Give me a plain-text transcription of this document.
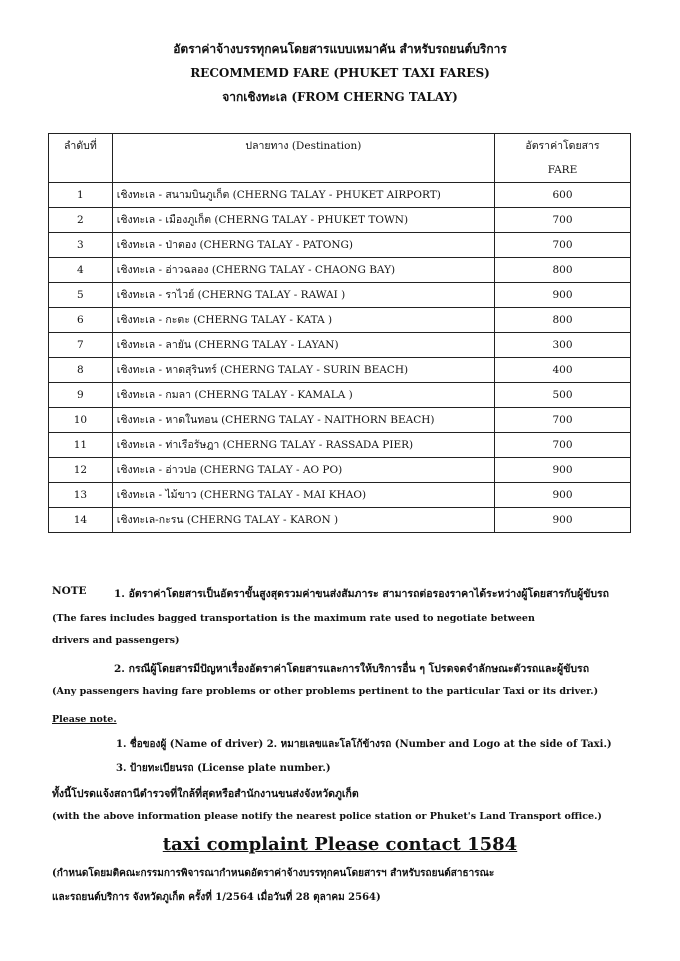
อัตราค่าจ้างบรรทุกคนโดยสารแบบเหมาคัน สำหรับรถยนต์บริการ
RECOMMEMD FARE (PHUKET TAXI FARES)
จากเชิงทะเล (FROM CHERNG TALAY)
ลำดับที่	ปลายทาง (Destination)	อัตราค่าโดยสาร
		FARE
1	เชิงทะเล - สนามบินภูเก็ต (CHERNG TALAY - PHUKET AIRPORT)	600
2	เชิงทะเล - เมืองภูเก็ต (CHERNG TALAY - PHUKET TOWN)	700
3	เชิงทะเล - ป่าตอง (CHERNG TALAY - PATONG)	700
4	เชิงทะเล - อ่าวฉลอง (CHERNG TALAY - CHAONG BAY)	800
5	เชิงทะเล - ราไวย์ (CHERNG TALAY - RAWAI )	900
6	เชิงทะเล - กะตะ (CHERNG TALAY - KATA )	800
7	เชิงทะเล - ลายัน (CHERNG TALAY - LAYAN)	300
8	เชิงทะเล - หาดสุรินทร์ (CHERNG TALAY - SURIN BEACH)	400
9	เชิงทะเล - กมลา (CHERNG TALAY - KAMALA )	500
10	เชิงทะเล - หาดในทอน (CHERNG TALAY - NAITHORN BEACH)	700
11	เชิงทะเล - ท่าเรือรัษฎา (CHERNG TALAY - RASSADA PIER)	700
12	เชิงทะเล - อ่าวปอ (CHERNG TALAY - AO PO)	900
13	เชิงทะเล - ไม้ขาว (CHERNG TALAY - MAI KHAO)	900
14	เชิงทะเล-กะรน (CHERNG TALAY - KARON )	900
NOTE	1. อัตราค่าโดยสารเป็นอัตราขั้นสูงสุดรวมค่าขนส่งสัมภาระ สามารถต่อรองราคาได้ระหว่างผู้โดยสารกับผู้ขับรถ
(The fares includes bagged transportation is the maximum rate used to negotiate between
drivers and passengers)
2. กรณีผู้โดยสารมีปัญหาเรื่องอัตราค่าโดยสารและการให้บริการอื่น ๆ โปรดจดจำลักษณะตัวรถและผู้ขับรถ
(Any passengers having fare problems or other problems pertinent to the particular Taxi or its driver.)
Please note.
1. ชื่อของผู้ (Name of driver) 2. หมายเลขและโลโก้ข้างรถ (Number and Logo at the side of Taxi.)
3. ป้ายทะเบียนรถ (License plate number.)
ทั้งนี้โปรดแจ้งสถานีตำรวจที่ใกล้ที่สุดหรือสำนักงานขนส่งจังหวัดภูเก็ต
(with the above information please notify the nearest police station or Phuket's Land Transport office.)
taxi complaint Please contact 1584
(กำหนดโดยมติคณะกรรมการพิจารณากำหนดอัตราค่าจ้างบรรทุกคนโดยสารฯ สำหรับรถยนต์สาธารณะ
และรถยนต์บริการ จังหวัดภูเก็ต ครั้งที่ 1/2564 เมื่อวันที่ 28 ตุลาคม 2564)
